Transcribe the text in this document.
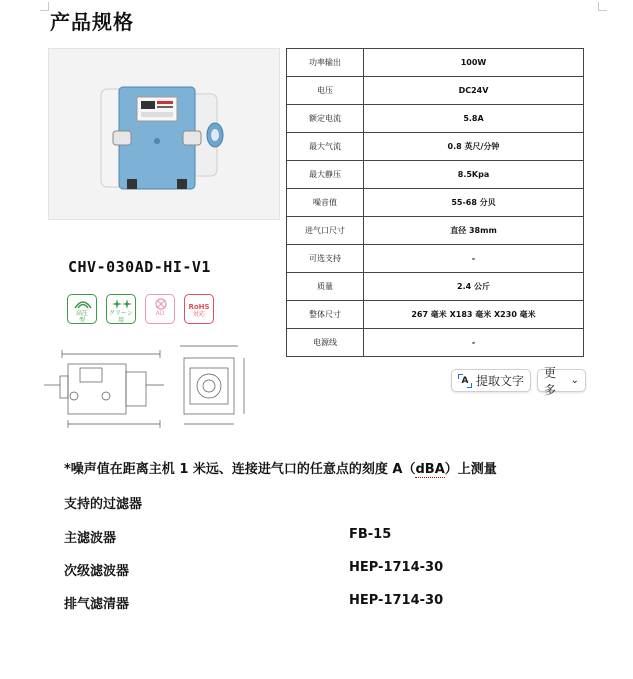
产品规格
功率输出	100W
电压	DC24V
额定电流	5.8A
最大气流	0.8 英尺/分钟
最大静压	8.5Kpa
噪音值	55-68 分贝
进气口尺寸	直径 38mm
可选支持	-
质量	2.4 公斤
整体尺寸	267 毫米 X183 毫米 X230 毫米
电源线	-
CHV-030AD-HI-V1
高圧
型
クリーン
用
AD
RoHS
対応
A 提取文字
更多
⌄
*噪声值在距离主机 1 米远、连接进气口的任意点的刻度 A（dBA）上测量
支持的过滤器
主滤波器	FB-15
次级滤波器	HEP-1714-30
排气滤清器	HEP-1714-30
